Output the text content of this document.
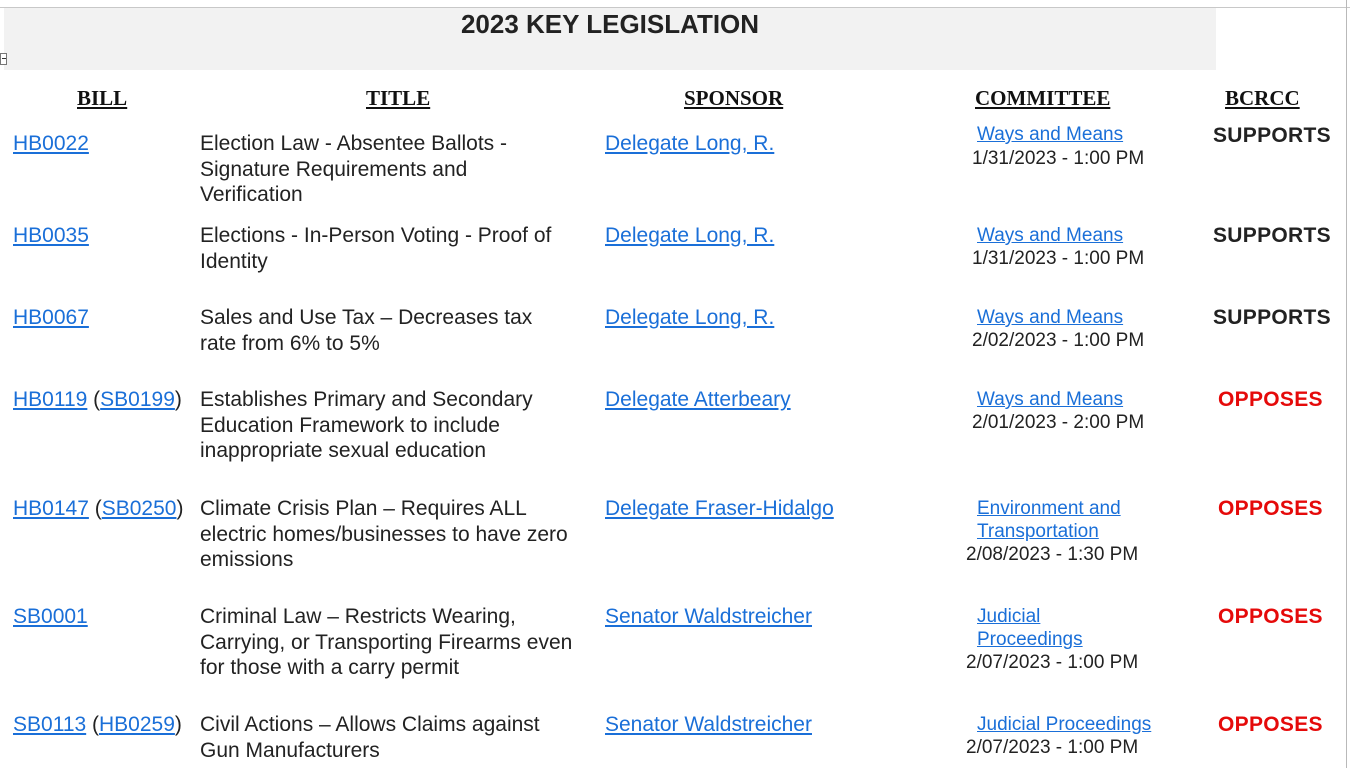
2023 KEY LEGISLATION
BILL	TITLE	SPONSOR	COMMITTEE	BCRCC
HB0022	Election Law - Absentee Ballots -
Signature Requirements and
Verification
Delegate Long, R.	Ways and Means
1/31/2023 - 1:00 PM
SUPPORTS
HB0035	Elections - In-Person Voting - Proof of
Identity
Delegate Long, R.	Ways and Means
1/31/2023 - 1:00 PM
SUPPORTS
HB0067	Sales and Use Tax – Decreases tax
rate from 6% to 5%
Delegate Long, R.	Ways and Means
2/02/2023 - 1:00 PM
SUPPORTS
HB0119 (SB0199) Establishes Primary and Secondary
Education Framework to include
inappropriate sexual education
Delegate Atterbeary	Ways and Means
2/01/2023 - 2:00 PM
OPPOSES
HB0147 (SB0250) Climate Crisis Plan – Requires ALL
electric homes/businesses to have zero
emissions
Delegate Fraser-Hidalgo	Environment and
Transportation
2/08/2023 - 1:30 PM
OPPOSES
SB0001	Criminal Law – Restricts Wearing,
Carrying, or Transporting Firearms even
for those with a carry permit
Senator Waldstreicher	Judicial
Proceedings
2/07/2023 - 1:00 PM
OPPOSES
SB0113 (HB0259) Civil Actions – Allows Claims against
Gun Manufacturers
Senator Waldstreicher	Judicial Proceedings
2/07/2023 - 1:00 PM
OPPOSES
